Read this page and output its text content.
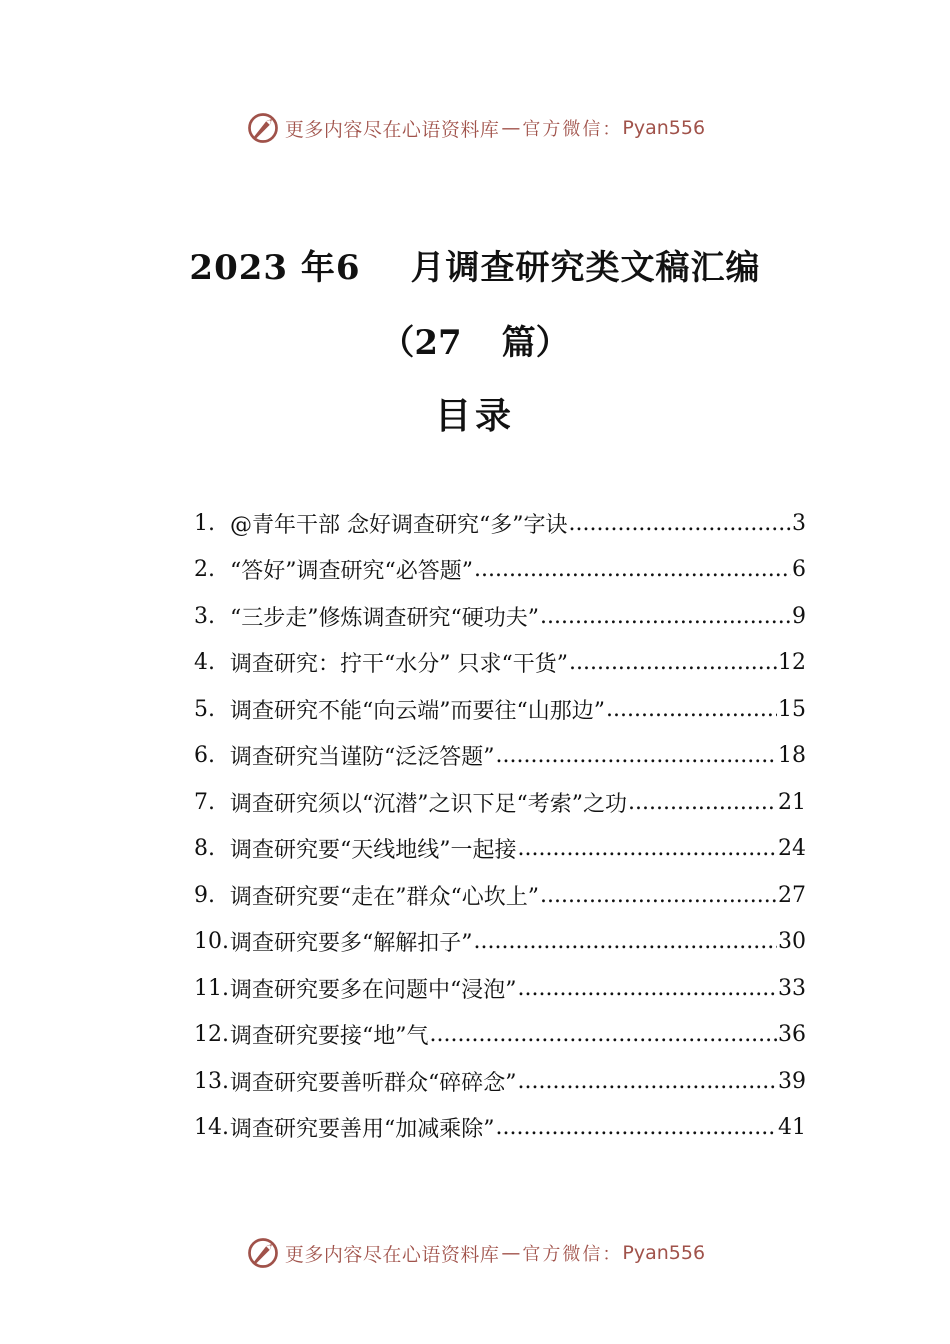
更多内容尽在心语资料库 — 官方微信： Pyan556
2023 年6 月调查研究类文稿汇编
（27 篇）
目录
1. @青年干部 念好调查研究“多”字诀 .....	3
2. “答好”调查研究“必答题” .....	6
3. “三步走”修炼调查研究“硬功夫” .....	9
4. 调查研究：拧干“水分” 只求“干货” .....	12
5. 调查研究不能“向云端”而要往“山那边” .....	15
6. 调查研究当谨防“泛泛答题” .....	18
7. 调查研究须以“沉潜”之识下足“考索”之功 .....	21
8. 调查研究要“天线地线”一起接 .....	24
9. 调查研究要“走在”群众“心坎上” .....	27
10. 调查研究要多“解解扣子” .....	30
11. 调查研究要多在问题中“浸泡” .....	33
12. 调查研究要接“地”气 .....	36
13. 调查研究要善听群众“碎碎念” .....	39
14. 调查研究要善用“加减乘除” .....	41
更多内容尽在心语资料库 — 官方微信： Pyan556
